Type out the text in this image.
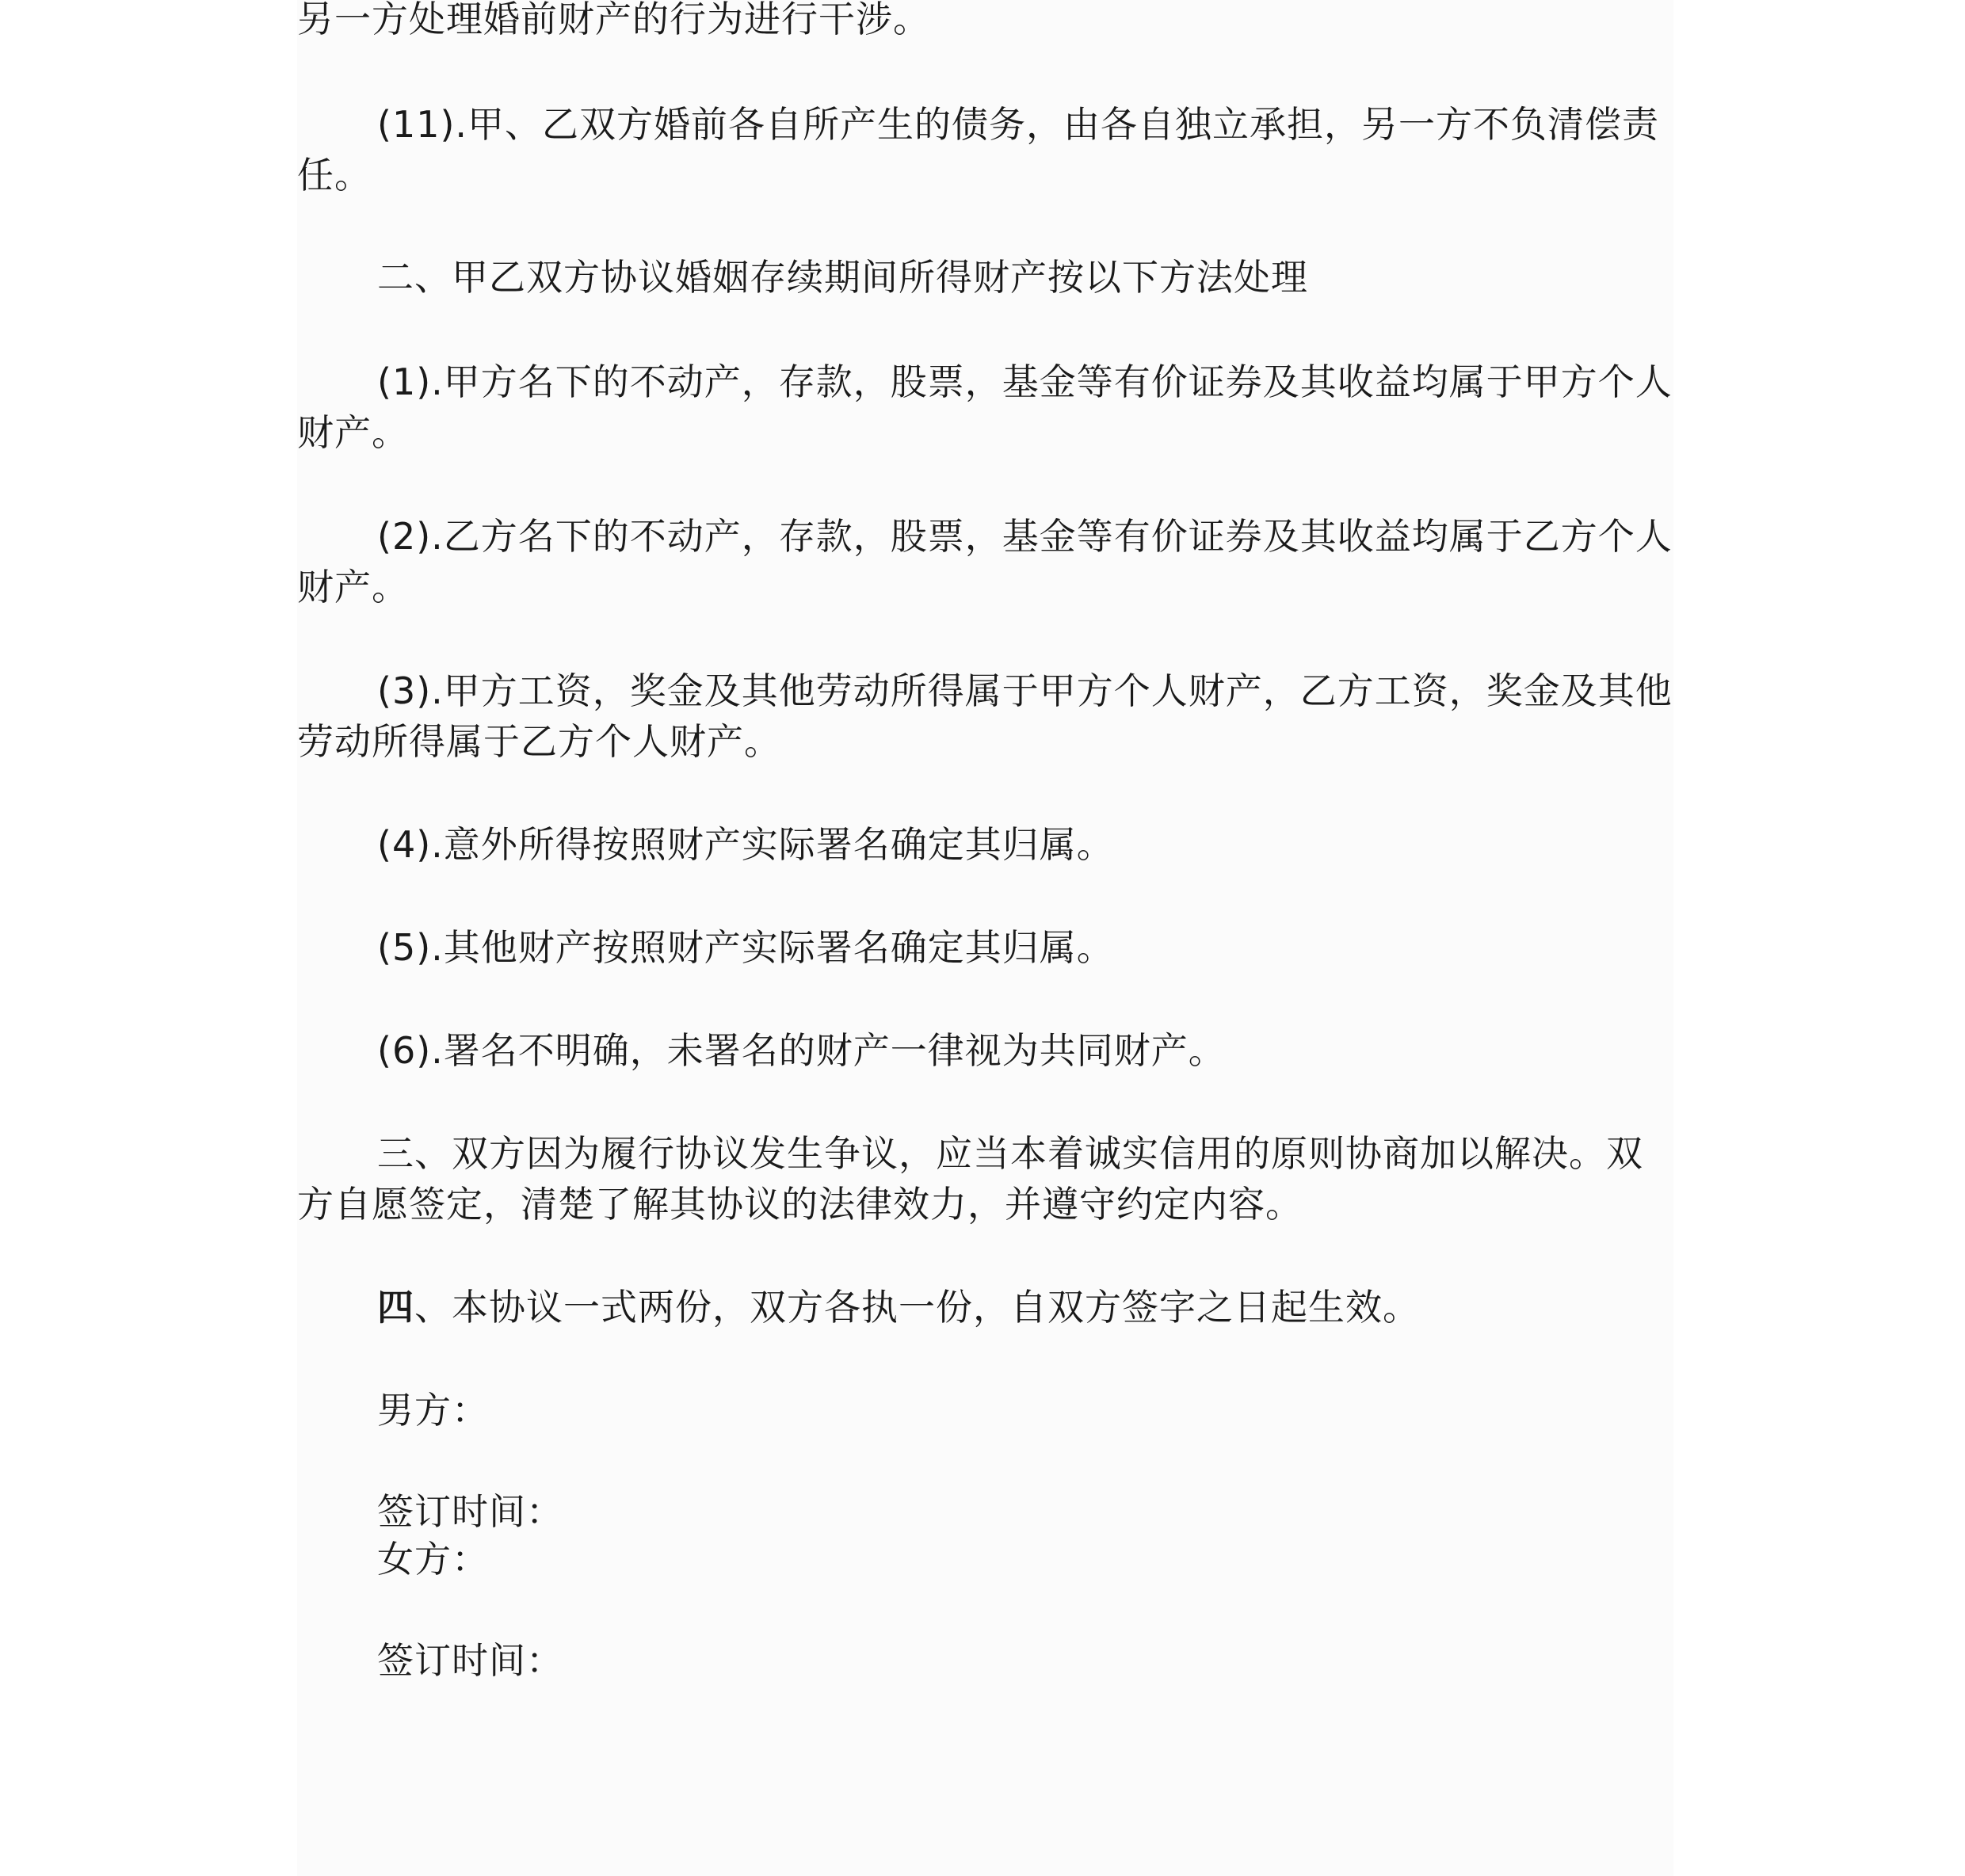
另一方处理婚前财产的行为进行干涉。

(11).甲、乙双方婚前各自所产生的债务，由各自独立承担，另一方不负清偿责任。

二、甲乙双方协议婚姻存续期间所得财产按以下方法处理

(1).甲方名下的不动产，存款，股票，基金等有价证券及其收益均属于甲方个人财产。

(2).乙方名下的不动产，存款，股票，基金等有价证券及其收益均属于乙方个人财产。

(3).甲方工资，奖金及其他劳动所得属于甲方个人财产，乙方工资，奖金及其他劳动所得属于乙方个人财产。

(4).意外所得按照财产实际署名确定其归属。

(5).其他财产按照财产实际署名确定其归属。

(6).署名不明确，未署名的财产一律视为共同财产。

三、双方因为履行协议发生争议，应当本着诚实信用的原则协商加以解决。双方自愿签定，清楚了解其协议的法律效力，并遵守约定内容。

四、本协议一式两份，双方各执一份，自双方签字之日起生效。

男方：

签订时间：

女方：

签订时间：
